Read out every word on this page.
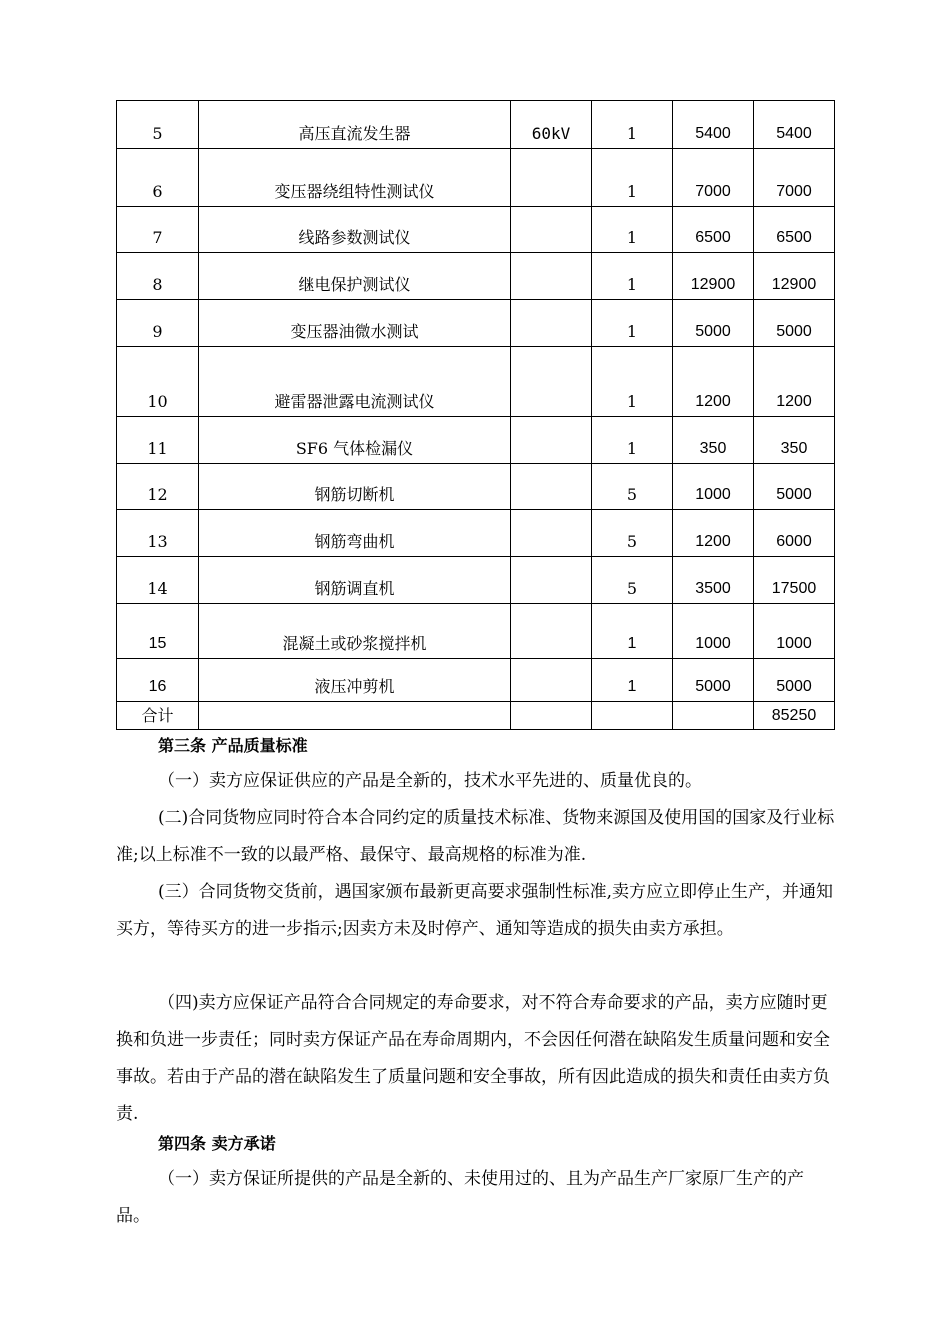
5	高压直流发生器	60kV	1	5400	5400
6	变压器绕组特性测试仪		1	7000	7000
7	线路参数测试仪		1	6500	6500
8	继电保护测试仪		1	12900	12900
9	变压器油微水测试		1	5000	5000
10	避雷器泄露电流测试仪		1	1200	1200
11	SF6 气体检漏仪		1	350	350
12	钢筋切断机		5	1000	5000
13	钢筋弯曲机		5	1200	6000
14	钢筋调直机		5	3500	17500
15	混凝土或砂浆搅拌机		1	1000	1000
16	液压冲剪机		1	5000	5000
合计					85250
第三条 产品质量标准
（一）卖方应保证供应的产品是全新的，技术水平先进的、质量优良的。
(二)合同货物应同时符合本合同约定的质量技术标准、货物来源国及使用国的国家及行业标准;以上标准不一致的以最严格、最保守、最高规格的标准为准.
(三）合同货物交货前，遇国家颁布最新更高要求强制性标准,卖方应立即停止生产，并通知买方，等待买方的进一步指示;因卖方未及时停产、通知等造成的损失由卖方承担。
（四)卖方应保证产品符合合同规定的寿命要求，对不符合寿命要求的产品，卖方应随时更换和负进一步责任；同时卖方保证产品在寿命周期内，不会因任何潜在缺陷发生质量问题和安全事故。若由于产品的潜在缺陷发生了质量问题和安全事故，所有因此造成的损失和责任由卖方负责.
第四条 卖方承诺
（一）卖方保证所提供的产品是全新的、未使用过的、且为产品生产厂家原厂生产的产品。
